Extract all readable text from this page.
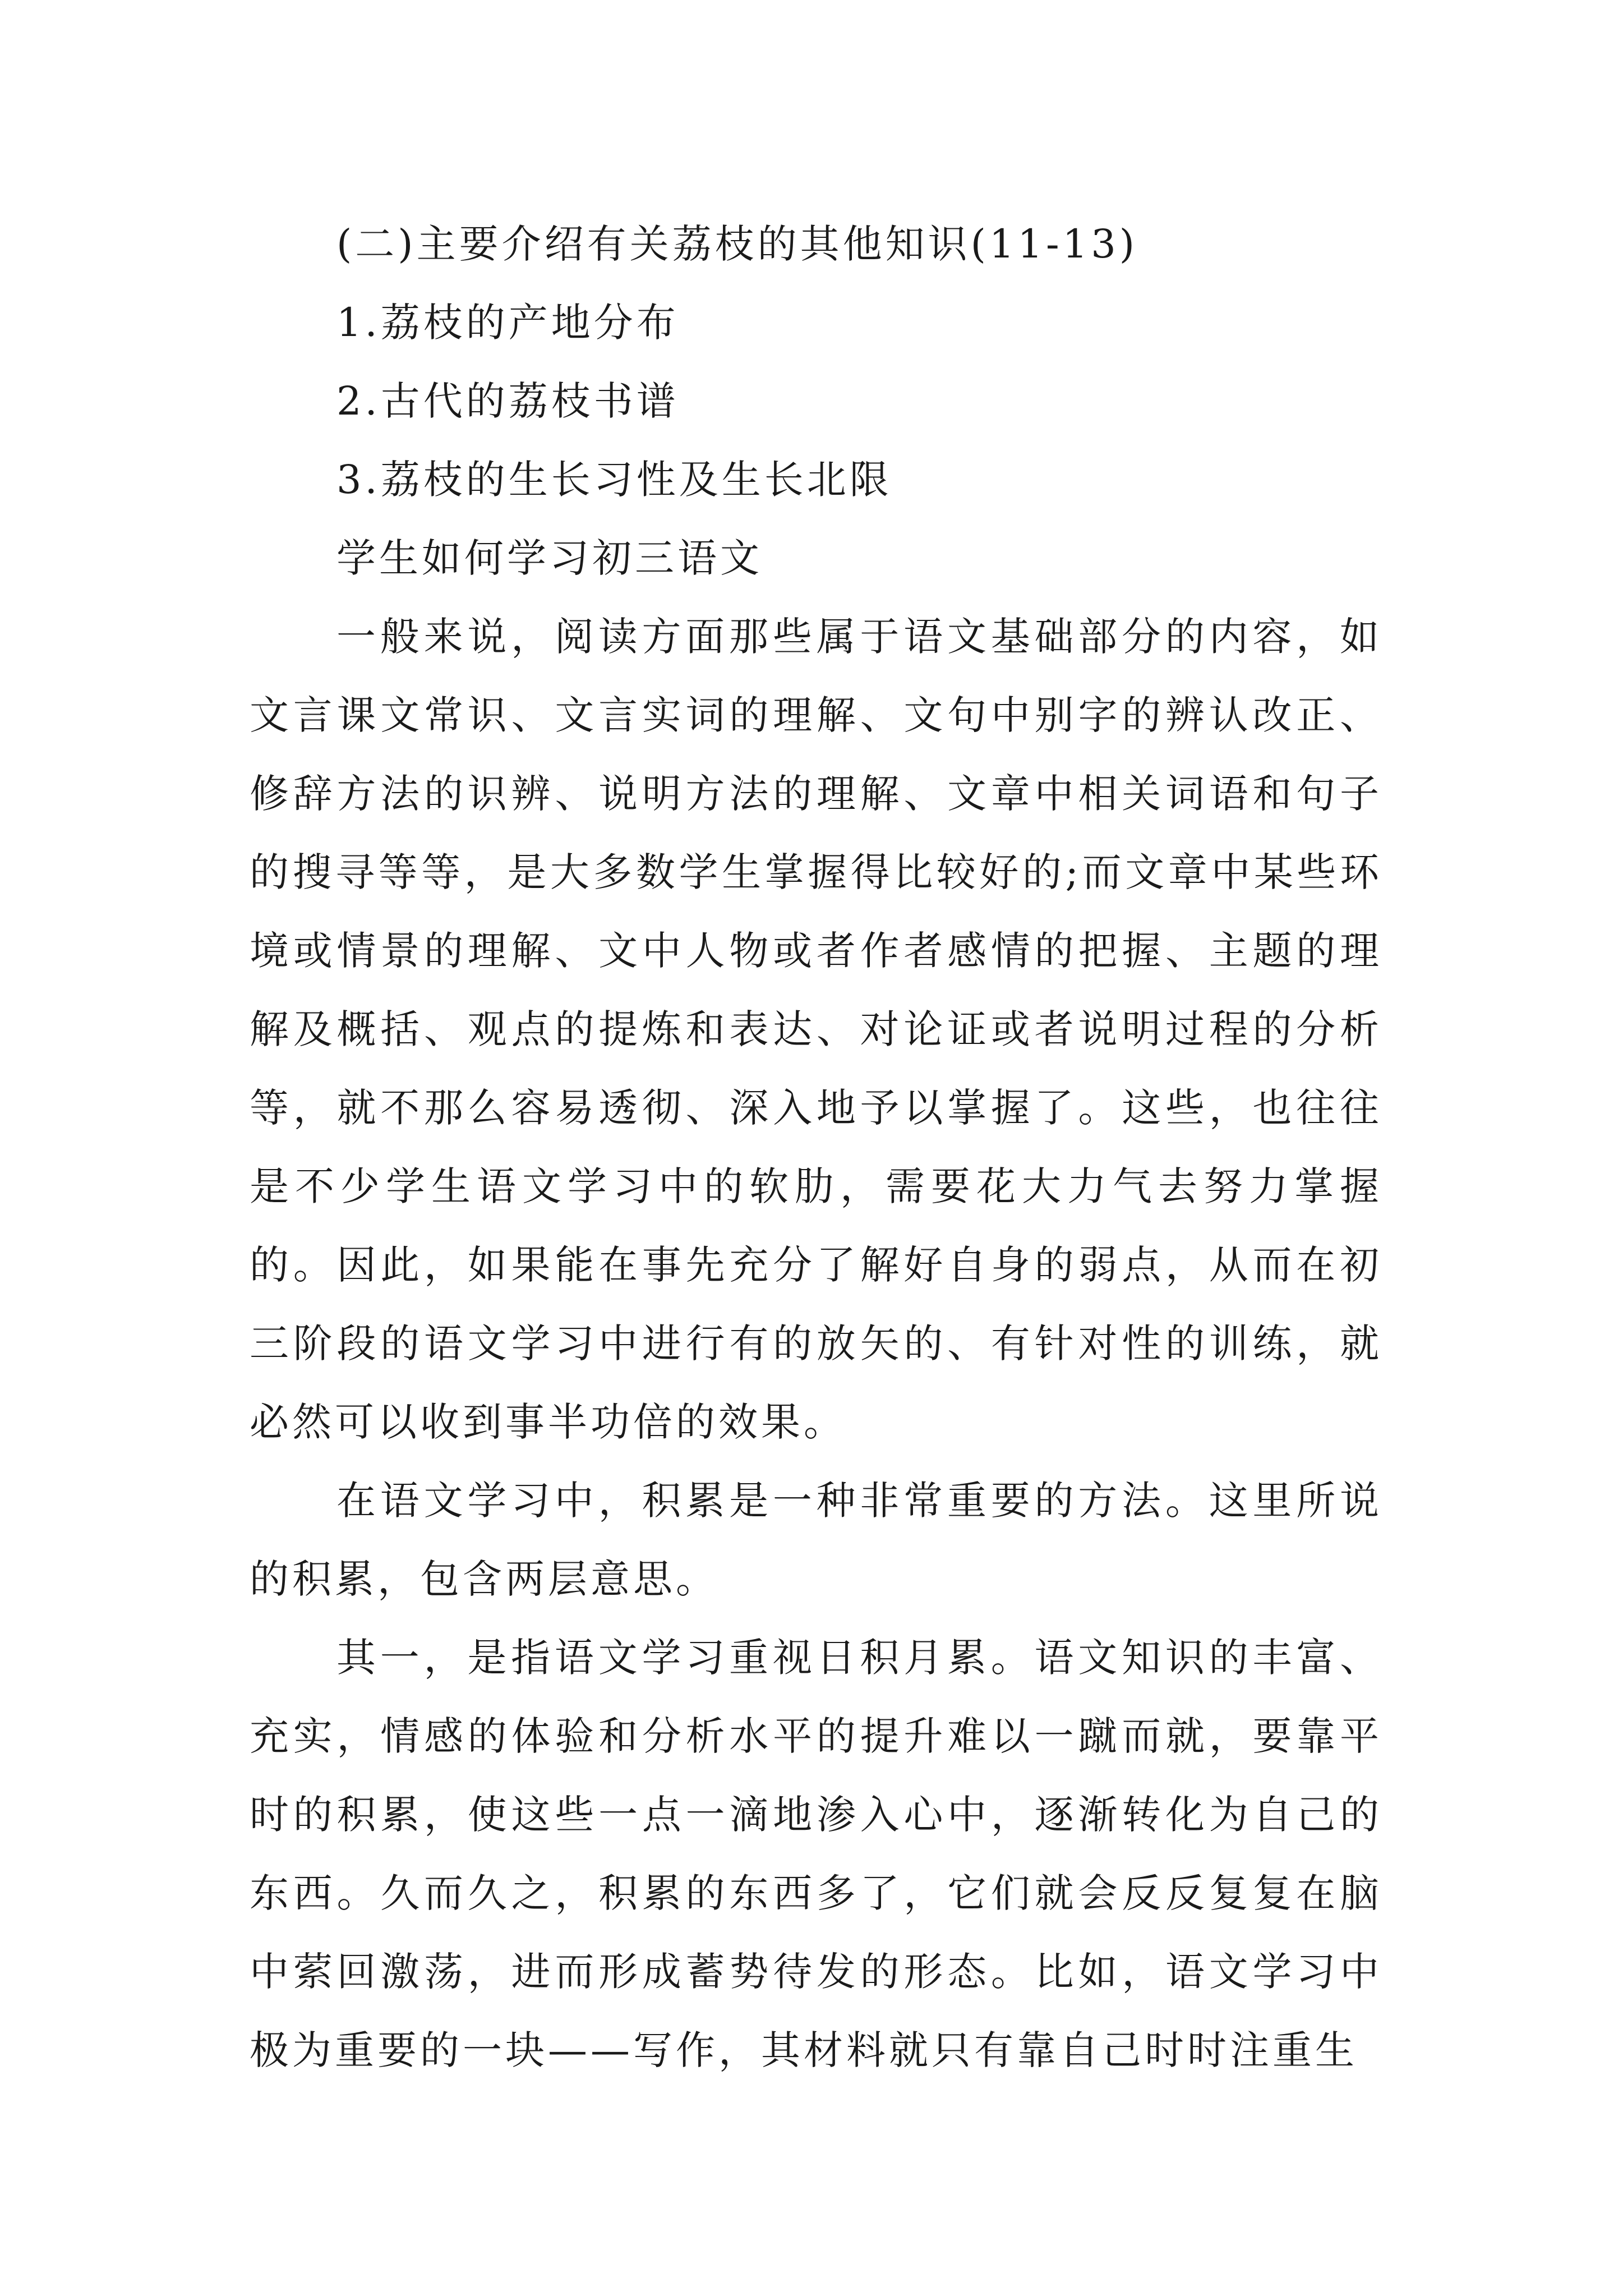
(二)主要介绍有关荔枝的其他知识(11-13)

1.荔枝的产地分布

2.古代的荔枝书谱

3.荔枝的生长习性及生长北限

学生如何学习初三语文

一般来说，阅读方面那些属于语文基础部分的内容，如文言课文常识、文言实词的理解、文句中别字的辨认改正、修辞方法的识辨、说明方法的理解、文章中相关词语和句子的搜寻等等，是大多数学生掌握得比较好的;而文章中某些环境或情景的理解、文中人物或者作者感情的把握、主题的理解及概括、观点的提炼和表达、对论证或者说明过程的分析等，就不那么容易透彻、深入地予以掌握了。这些，也往往是不少学生语文学习中的软肋，需要花大力气去努力掌握的。因此，如果能在事先充分了解好自身的弱点，从而在初三阶段的语文学习中进行有的放矢的、有针对性的训练，就必然可以收到事半功倍的效果。

在语文学习中，积累是一种非常重要的方法。这里所说的积累，包含两层意思。

其一，是指语文学习重视日积月累。语文知识的丰富、充实，情感的体验和分析水平的提升难以一蹴而就，要靠平时的积累，使这些一点一滴地渗入心中，逐渐转化为自己的东西。久而久之，积累的东西多了，它们就会反反复复在脑中萦回激荡，进而形成蓄势待发的形态。比如，语文学习中极为重要的一块——写作，其材料就只有靠自己时时注重生
